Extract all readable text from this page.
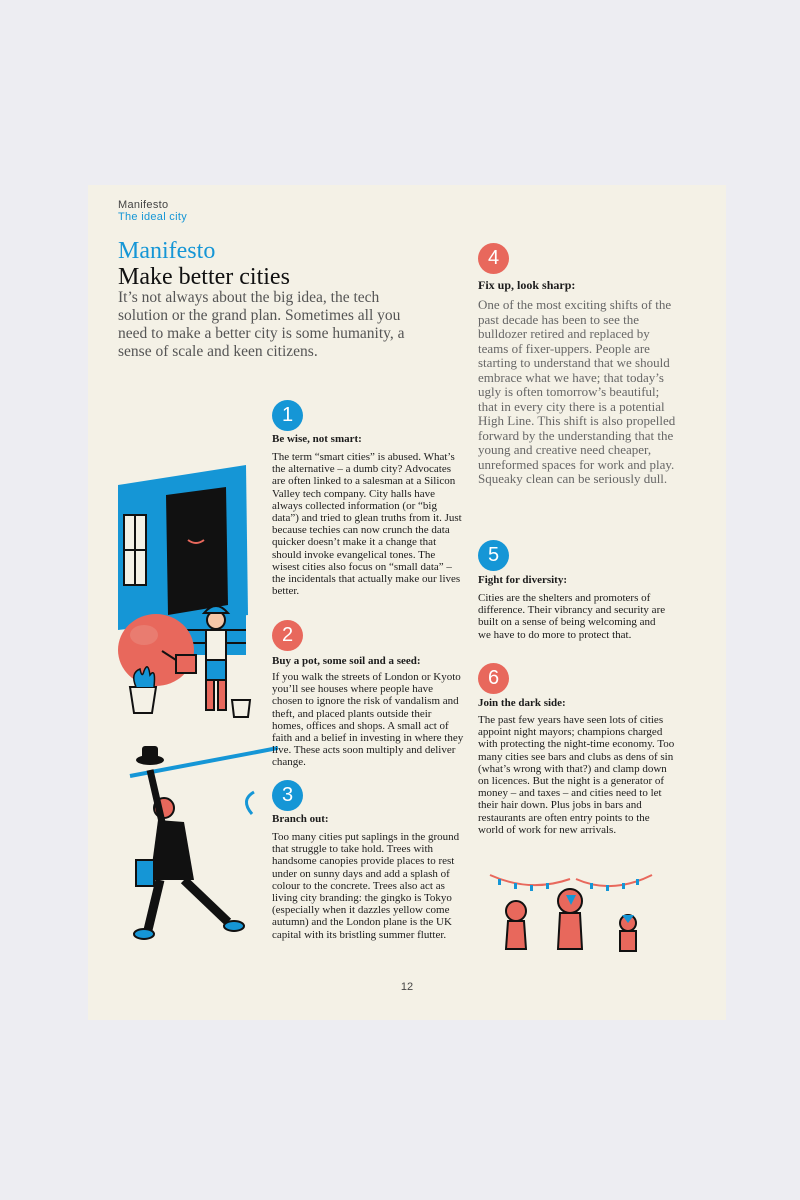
Manifesto
The ideal city
Manifesto
Make better cities
It’s not always about the big idea, the tech solution or the grand plan. Sometimes all you need to make a better city is some humanity, a sense of scale and keen citizens.
1
Be wise, not smart:
The term “smart cities” is abused. What’s the alternative – a dumb city? Advocates are often linked to a salesman at a Silicon Valley tech company. City halls have always collected information (or “big data”) and tried to glean truths from it. Just because techies can now crunch the data quicker doesn’t make it a change that should invoke evangelical tones. The wisest cities also focus on “small data” – the incidentals that actually make our lives better.
2
Buy a pot, some soil and a seed:
If you walk the streets of London or Kyoto you’ll see houses where people have chosen to ignore the risk of vandalism and theft, and placed plants outside their homes, offices and shops. A small act of faith and a belief in investing in where they live. These acts soon multiply and deliver change.
3
Branch out:
Too many cities put saplings in the ground that struggle to take hold. Trees with handsome canopies provide places to rest under on sunny days and add a splash of colour to the concrete. Trees also act as living city branding: the gingko is Tokyo (especially when it dazzles yellow come autumn) and the London plane is the UK capital with its bristling summer flutter.
4
Fix up, look sharp:
One of the most exciting shifts of the past decade has been to see the bulldozer retired and replaced by teams of fixer-uppers. People are starting to understand that we should embrace what we have; that today’s ugly is often tomorrow’s beautiful; that in every city there is a potential High Line. This shift is also propelled forward by the understanding that the young and creative need cheaper, unreformed spaces for work and play. Squeaky clean can be seriously dull.
5
Fight for diversity:
Cities are the shelters and promoters of difference. Their vibrancy and security are built on a sense of being welcoming and we have to do more to protect that.
6
Join the dark side:
The past few years have seen lots of cities appoint night mayors; champions charged with protecting the night-time economy. Too many cities see bars and clubs as dens of sin (what’s wrong with that?) and clamp down on licences. But the night is a generator of money – and taxes – and cities need to let their hair down. Plus jobs in bars and restaurants are often entry points to the world of work for new arrivals.
12
